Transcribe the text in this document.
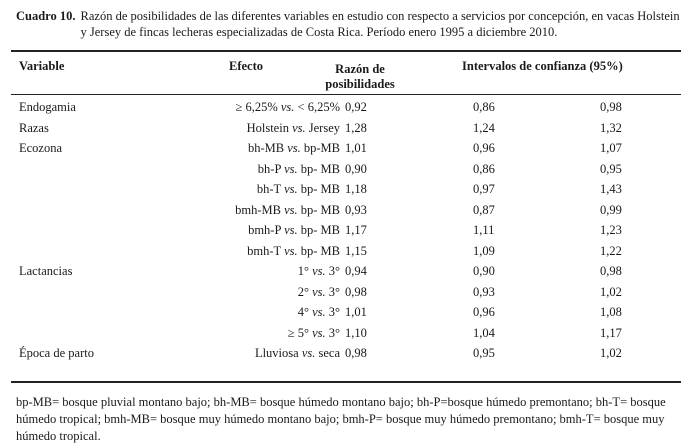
Cuadro 10. Razón de posibilidades de las diferentes variables en estudio con respecto a servicios por concepción, en vacas Holstein y Jersey de fincas lecheras especializadas de Costa Rica. Período enero 1995 a diciembre 2010.
Variable	Efecto	Razón de
posibilidades
Intervalos de confianza (95%)
Endogamia	≥ 6,25% vs. < 6,25% 0,92	0,86	0,98
Razas	Holstein vs. Jersey 1,28	1,24	1,32
Ecozona	bh-MB vs. bp-MB 1,01	0,96	1,07
bh-P vs. bp- MB 0,90	0,86	0,95
bh-T vs. bp- MB 1,18	0,97	1,43
bmh-MB vs. bp- MB 0,93	0,87	0,99
bmh-P vs. bp- MB 1,17	1,11	1,23
bmh-T vs. bp- MB 1,15	1,09	1,22
Lactancias	1° vs. 3° 0,94	0,90	0,98
2° vs. 3° 0,98	0,93	1,02
4° vs. 3° 1,01	0,96	1,08
≥ 5° vs. 3° 1,10	1,04	1,17
Época de parto	Lluviosa vs. seca 0,98	0,95	1,02
bp-MB= bosque pluvial montano bajo; bh-MB= bosque húmedo montano bajo; bh-P=bosque húmedo premontano; bh-T= bosque húmedo tropical; bmh-MB= bosque muy húmedo montano bajo; bmh-P= bosque muy húmedo premontano; bmh-T= bosque muy húmedo tropical.
